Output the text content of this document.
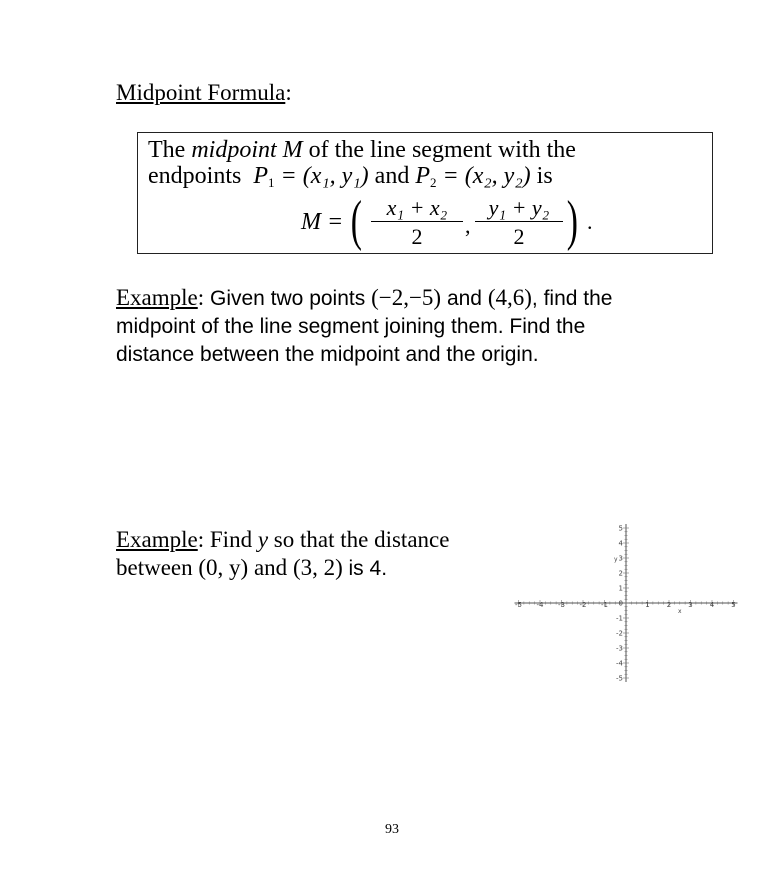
Midpoint Formula:
The midpoint M of the line segment with the
endpoints $P_1 = (x_1$, y₁) and $P_2 = (x_2$, y₂) is
M = ( $\frac{\text{x₁ + x₂}}{2}$ , $\frac{\text{y₁ + y₂}}{2}$ ) .
Example: Given two points (−2,−5) and (4,6), find the
midpoint of the line segment joining them. Find the
distance between the midpoint and the origin.
Example: Find y so that the distance
between (0, y) and (3, 2) is 4.
-5 -4 -3 -2 -1	1 2 3 4 5
5
4
3
2
1
0
-1
-2
-3
-4
-5
x
y
93
